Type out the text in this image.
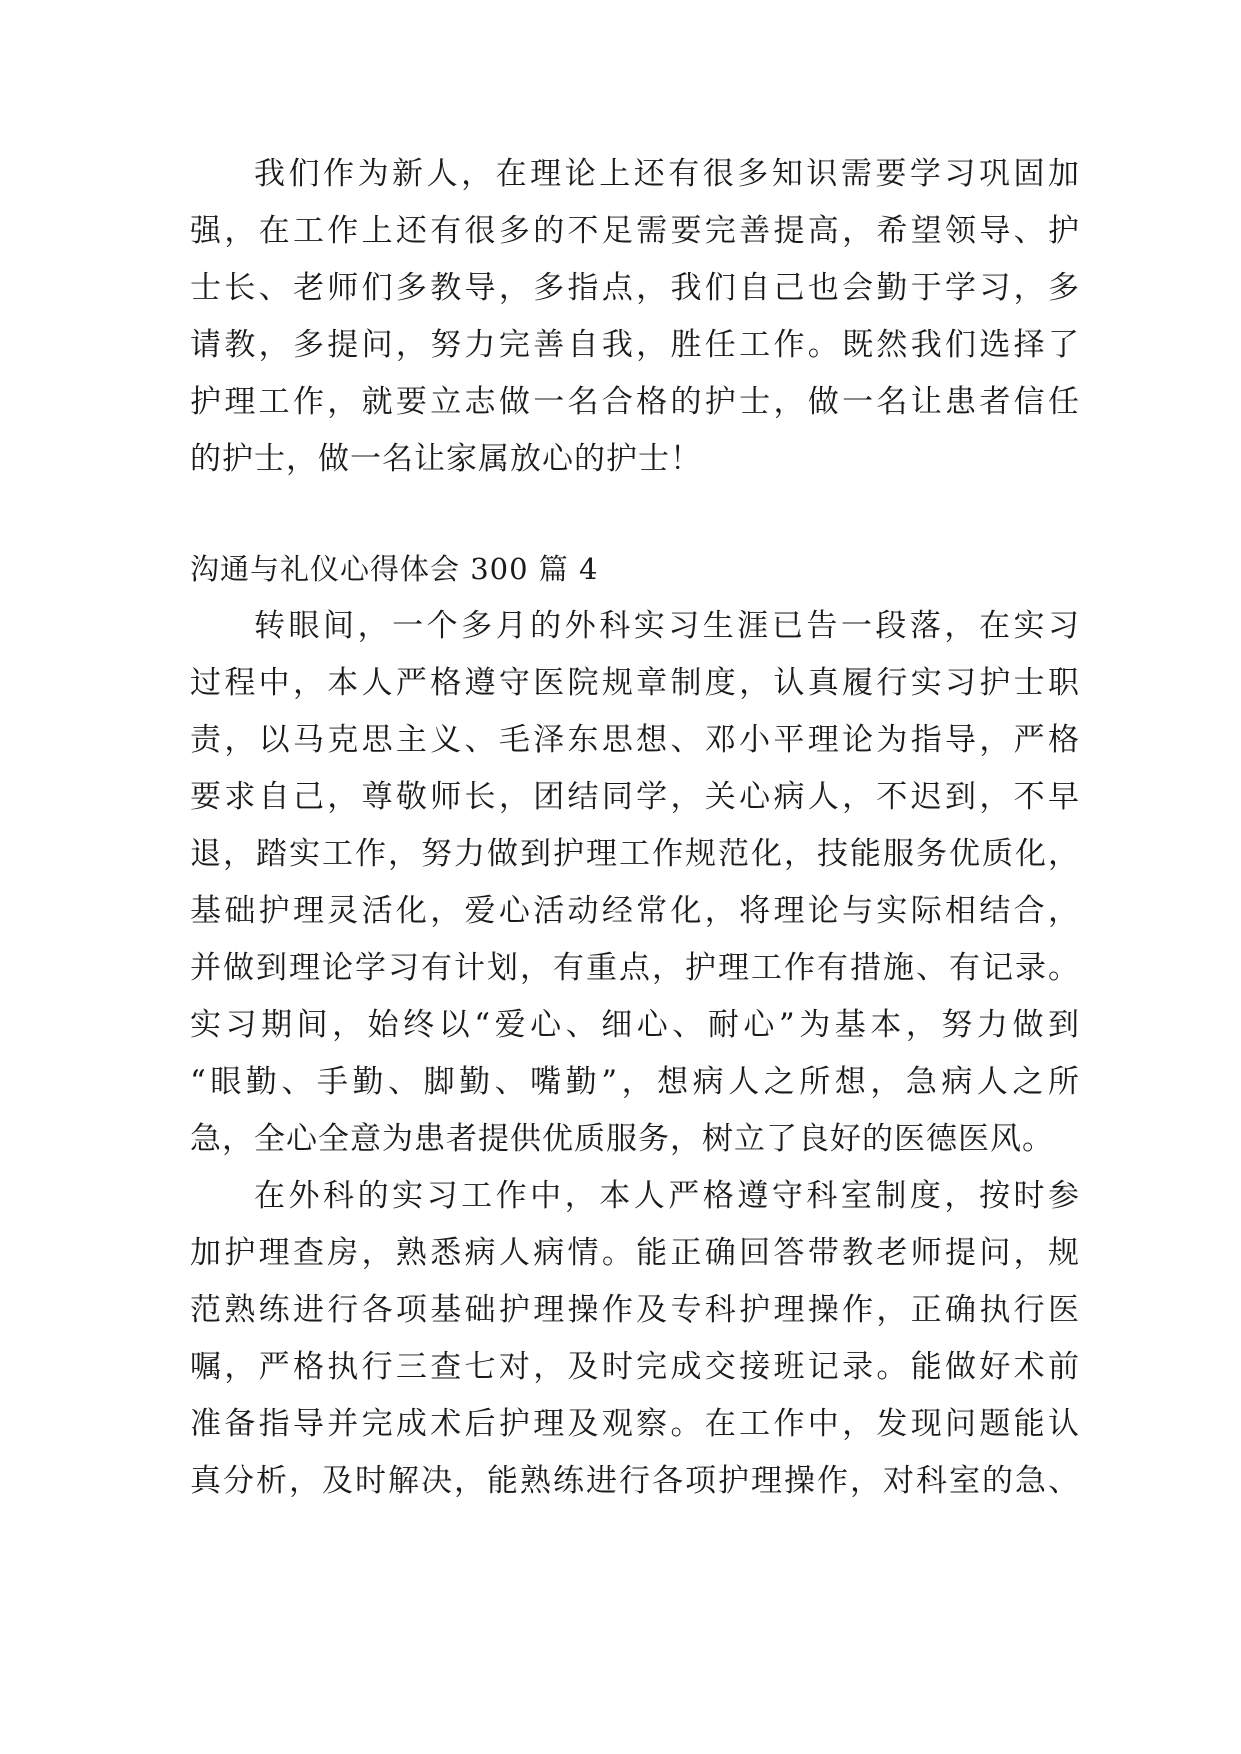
我们作为新人，在理论上还有很多知识需要学习巩固加
强，在工作上还有很多的不足需要完善提高，希望领导、护
士长、老师们多教导，多指点，我们自己也会勤于学习，多
请教，多提问，努力完善自我，胜任工作。既然我们选择了
护理工作，就要立志做一名合格的护士，做一名让患者信任
的护士，做一名让家属放心的护士！
沟通与礼仪心得体会 300 篇 4
转眼间，一个多月的外科实习生涯已告一段落，在实习
过程中，本人严格遵守医院规章制度，认真履行实习护士职
责，以马克思主义、毛泽东思想、邓小平理论为指导，严格
要求自己，尊敬师长，团结同学，关心病人，不迟到，不早
退，踏实工作，努力做到护理工作规范化，技能服务优质化，
基础护理灵活化，爱心活动经常化，将理论与实际相结合，
并做到理论学习有计划，有重点，护理工作有措施、有记录。
实习期间，始终以“爱心、细心、耐心”为基本，努力做到
“眼勤、手勤、脚勤、嘴勤”，想病人之所想，急病人之所
急，全心全意为患者提供优质服务，树立了良好的医德医风。
在外科的实习工作中，本人严格遵守科室制度，按时参
加护理查房，熟悉病人病情。能正确回答带教老师提问，规
范熟练进行各项基础护理操作及专科护理操作，正确执行医
嘱，严格执行三查七对，及时完成交接班记录。能做好术前
准备指导并完成术后护理及观察。在工作中，发现问题能认
真分析，及时解决，能熟练进行各项护理操作，对科室的急、
